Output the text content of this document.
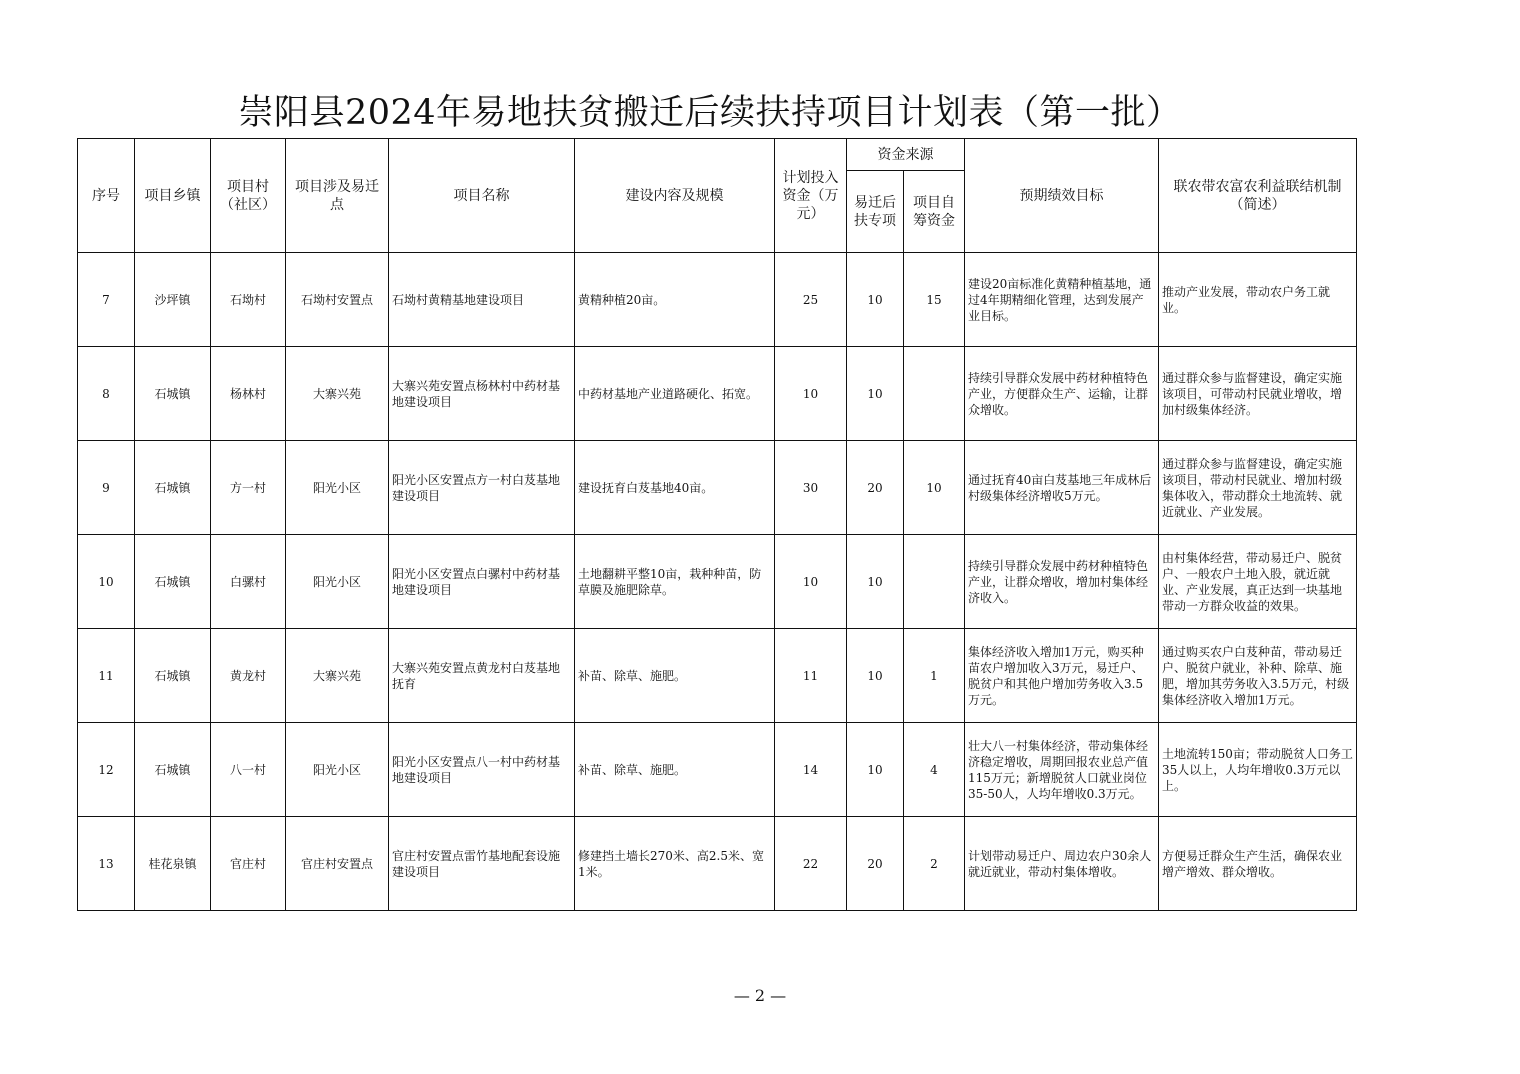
崇阳县2024年易地扶贫搬迁后续扶持项目计划表（第一批）
序号	项目乡镇	项目村（社区）	项目涉及易迁点	项目名称	建设内容及规模	计划投入资金（万元）	资金来源		预期绩效目标	联农带农富农利益联结机制（简述）
							易迁后扶专项	项目自筹资金		
7	沙坪镇	石坳村	石坳村安置点	石坳村黄精基地建设项目	黄精种植20亩。	25	10	15	建设20亩标准化黄精种植基地，通过4年期精细化管理，达到发展产业目标。	推动产业发展，带动农户务工就业。
8	石城镇	杨林村	大寨兴苑	大寨兴苑安置点杨林村中药材基地建设项目	中药材基地产业道路硬化、拓宽。	10	10		持续引导群众发展中药材种植特色产业，方便群众生产、运输，让群众增收。	通过群众参与监督建设，确定实施该项目，可带动村民就业增收，增加村级集体经济。
9	石城镇	方一村	阳光小区	阳光小区安置点方一村白芨基地建设项目	建设抚育白芨基地40亩。	30	20	10	通过抚育40亩白芨基地三年成林后村级集体经济增收5万元。	通过群众参与监督建设，确定实施该项目，带动村民就业、增加村级集体收入，带动群众土地流转、就近就业、产业发展。
10	石城镇	白骡村	阳光小区	阳光小区安置点白骡村中药材基地建设项目	土地翻耕平整10亩，栽种种苗，防草膜及施肥除草。	10	10		持续引导群众发展中药材种植特色产业，让群众增收，增加村集体经济收入。	由村集体经营，带动易迁户、脱贫户、一般农户土地入股，就近就业、产业发展，真正达到一块基地带动一方群众收益的效果。
11	石城镇	黄龙村	大寨兴苑	大寨兴苑安置点黄龙村白芨基地抚育	补苗、除草、施肥。	11	10	1	集体经济收入增加1万元，购买种苗农户增加收入3万元，易迁户、脱贫户和其他户增加劳务收入3.5万元。	通过购买农户白芨种苗，带动易迁户、脱贫户就业，补种、除草、施肥，增加其劳务收入3.5万元，村级集体经济收入增加1万元。
12	石城镇	八一村	阳光小区	阳光小区安置点八一村中药材基地建设项目	补苗、除草、施肥。	14	10	4	壮大八一村集体经济，带动集体经济稳定增收，周期回报农业总产值115万元；新增脱贫人口就业岗位35-50人，人均年增收0.3万元。	土地流转150亩；带动脱贫人口务工35人以上，人均年增收0.3万元以上。
13	桂花泉镇	官庄村	官庄村安置点	官庄村安置点雷竹基地配套设施建设项目	修建挡土墙长270米、高2.5米、宽1米。	22	20	2	计划带动易迁户、周边农户30余人就近就业，带动村集体增收。	方便易迁群众生产生活，确保农业增产增效、群众增收。
— 2 —
